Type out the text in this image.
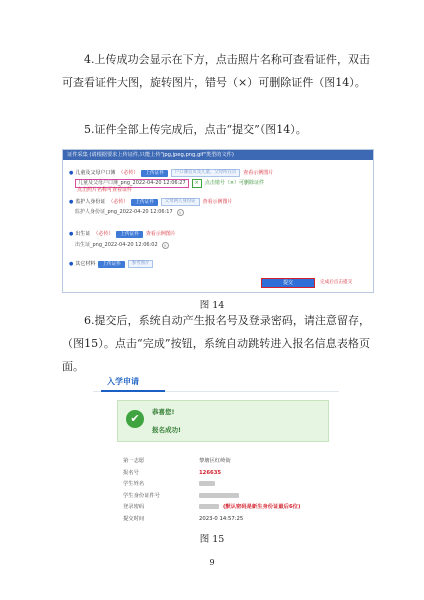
4.上传成功会显示在下方，点击照片名称可查看证件，双击可查看证件大图，旋转图片，错号（×）可删除证件（图14）。

5.证件全部上传完成后，点击“提交”（图14）。

证件采集 (请根据要求上传证件,只能上传"jpg,jpeg,png,gif"类型的文件)
● 儿童及父母户口簿 （必传）	上传证件	户口簿首页及儿童、父母所在页	查看示例图片
儿童及父母户口簿_png_2022-04-20 12:06:27	×	点击错号（×）可删除证件
点击照片名称可查看证件
● 监护人身份证 （必传）	上传证件	父母两人身份证	查看示例图片
监护人身份证_png_2022-04-20 12:06:17	×
● 出生证 （必传）	上传证件	查看示例图片
出生证_png_2022-04-20 12:06:02	×
● 其它材料	上传证件	参考图片
提交	完成后点击提交
图 14

6.提交后，系统自动产生报名号及登录密码，请注意留存，（图15）。点击“完成”按钮，系统自动跳转进入报名信息表格页面。

入学申请
✔	恭喜您!
报名成功!
第一志愿	黎塘区红岭街
报名号	126635
学生姓名
学生身份证件号
登录密码	(默认密码是新生身份证最后6位)
提交时间	2023-0 14:57:25
图 15
9
